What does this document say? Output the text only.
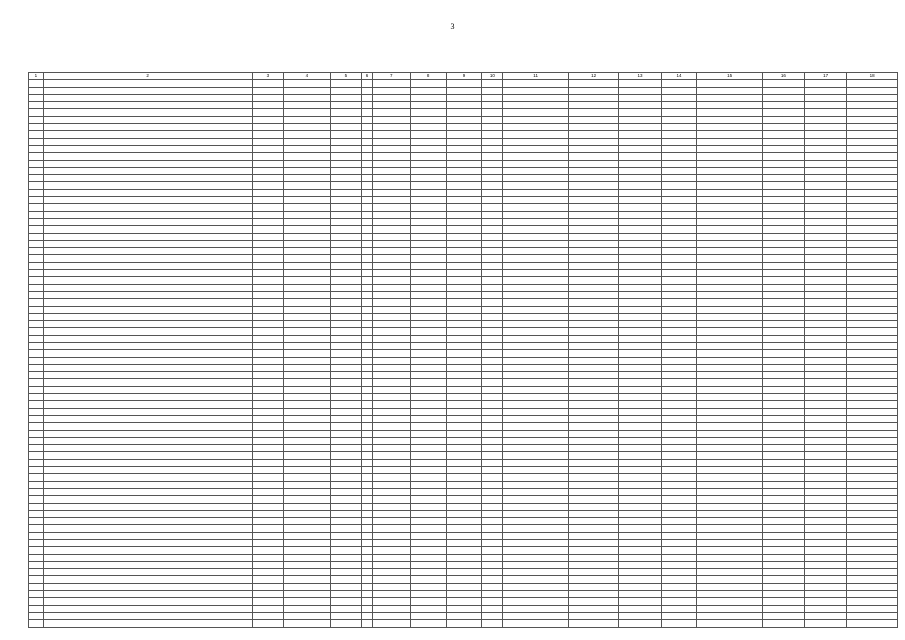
3
1	2	3	4	5	6	7	8	9	10	11	12	13	14	15	16	17	18
